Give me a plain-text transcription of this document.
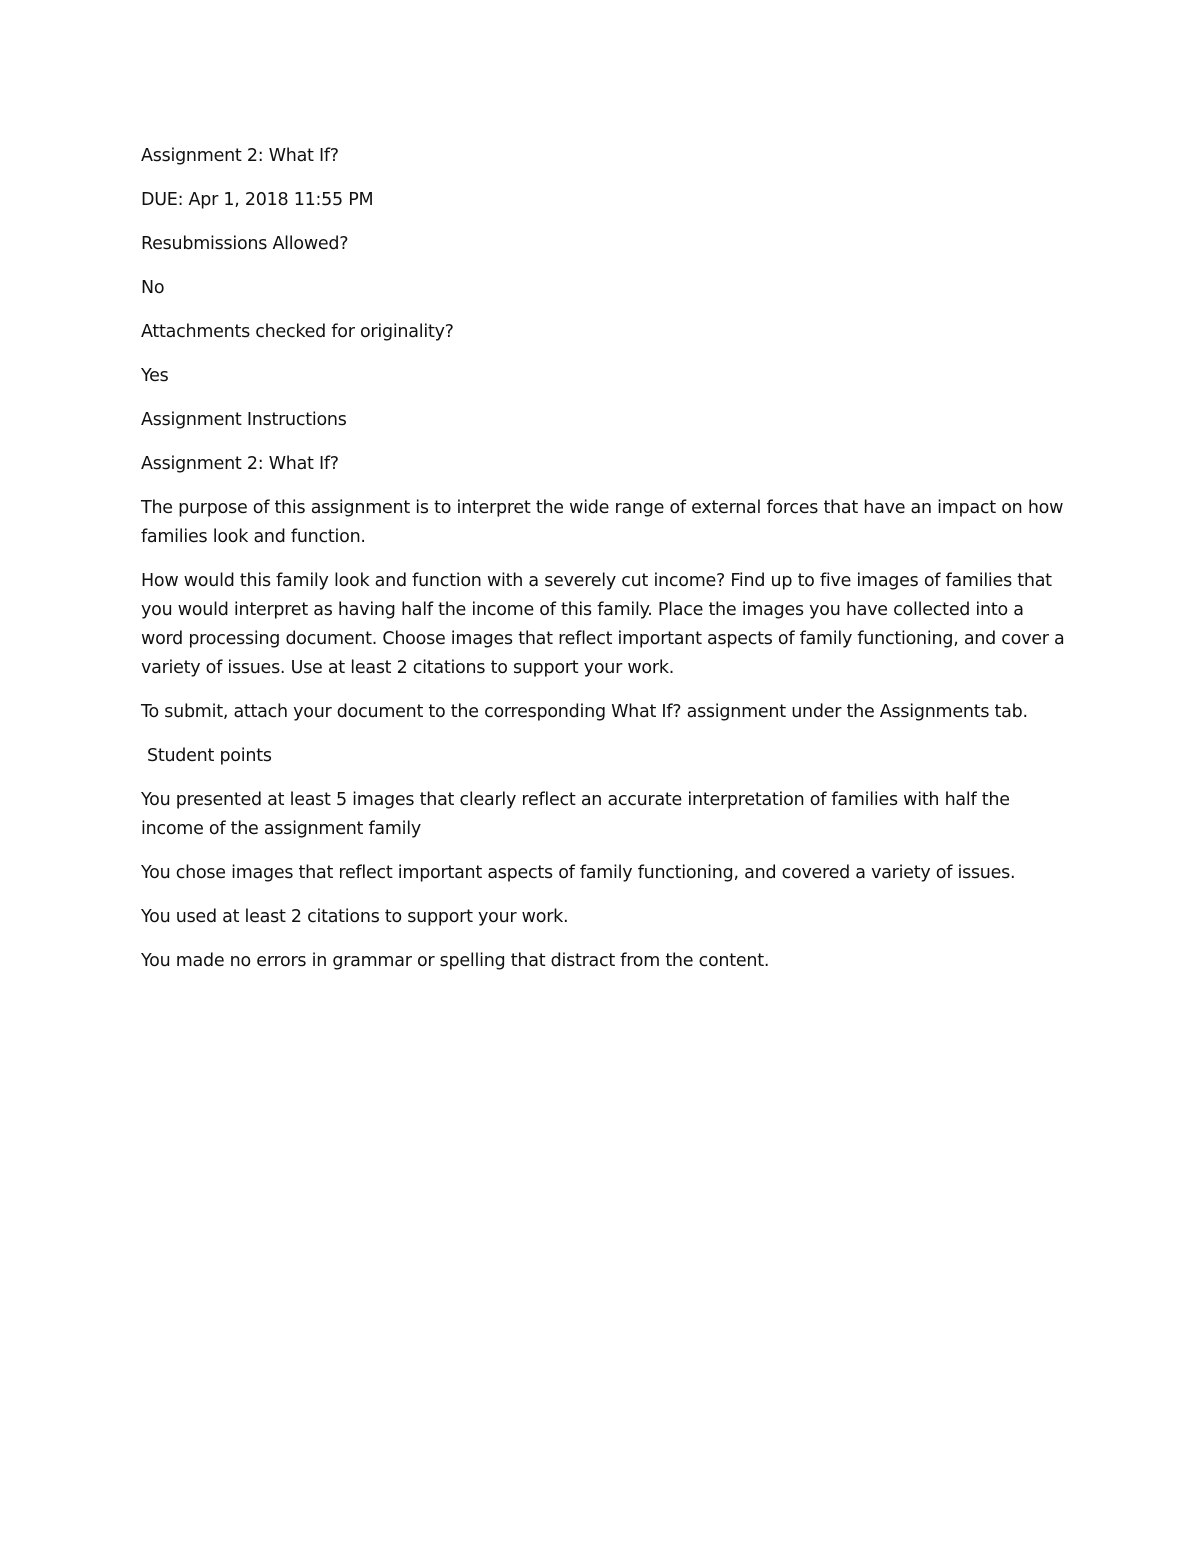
Assignment 2: What If?

DUE: Apr 1, 2018 11:55 PM

Resubmissions Allowed?

No

Attachments checked for originality?

Yes

Assignment Instructions

Assignment 2: What If?

The purpose of this assignment is to interpret the wide range of external forces that have an impact on how families look and function.

How would this family look and function with a severely cut income? Find up to five images of families that you would interpret as having half the income of this family. Place the images you have collected into a word processing document. Choose images that reflect important aspects of family functioning, and cover a variety of issues. Use at least 2 citations to support your work.

To submit, attach your document to the corresponding What If? assignment under the Assignments tab.

Student points

You presented at least 5 images that clearly reflect an accurate interpretation of families with half the income of the assignment family

You chose images that reflect important aspects of family functioning, and covered a variety of issues.

You used at least 2 citations to support your work.

You made no errors in grammar or spelling that distract from the content.
